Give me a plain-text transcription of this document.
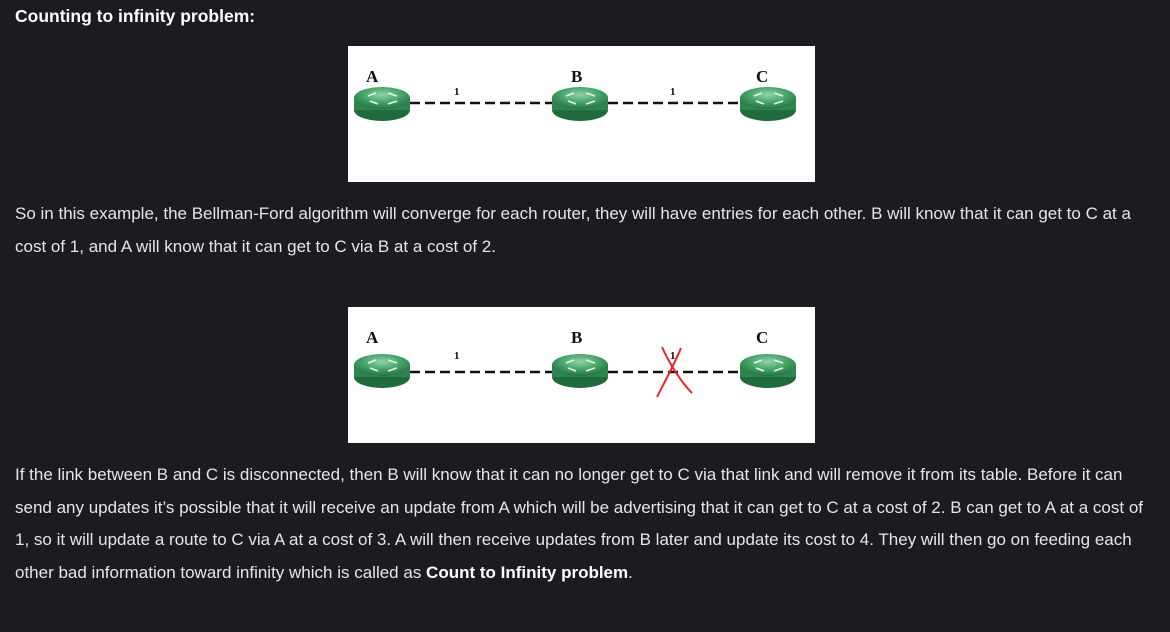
Counting to infinity problem:
A	B	C
1	1

So in this example, the Bellman-Ford algorithm will converge for each router, they will have entries for each other. B will know that it can get to C at a cost of 1, and A will know that it can get to C via B at a cost of 2.

A	B	C
1	1

If the link between B and C is disconnected, then B will know that it can no longer get to C via that link and will remove it from its table. Before it can send any updates it’s possible that it will receive an update from A which will be advertising that it can get to C at a cost of 2. B can get to A at a cost of 1, so it will update a route to C via A at a cost of 3. A will then receive updates from B later and update its cost to 4. They will then go on feeding each other bad information toward infinity which is called as Count to Infinity problem.
